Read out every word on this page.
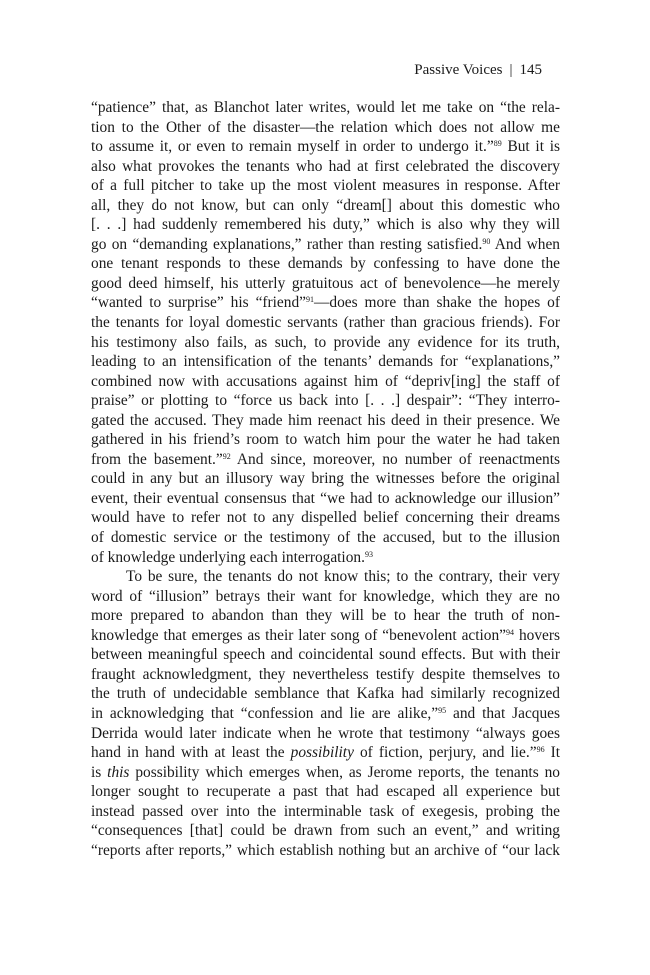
Passive Voices | 145
“patience” that, as Blanchot later writes, would let me take on “the rela-
tion to the Other of the disaster—the relation which does not allow me
to assume it, or even to remain myself in order to undergo it.”$^{89}$ But it is
also what provokes the tenants who had at first celebrated the discovery
of a full pitcher to take up the most violent measures in response. After
all, they do not know, but can only “dream[] about this domestic who
[. . .] had suddenly remembered his duty,” which is also why they will
go on “demanding explanations,” rather than resting satisfied.$^{90}$ And when
one tenant responds to these demands by confessing to have done the
good deed himself, his utterly gratuitous act of benevolence—he merely
“wanted to surprise” his “friend”$^{91}$—does more than shake the hopes of
the tenants for loyal domestic servants (rather than gracious friends). For
his testimony also fails, as such, to provide any evidence for its truth,
leading to an intensification of the tenants’ demands for “explanations,”
combined now with accusations against him of “depriv[ing] the staff of
praise” or plotting to “force us back into [. . .] despair”: “They interro-
gated the accused. They made him reenact his deed in their presence. We
gathered in his friend’s room to watch him pour the water he had taken
from the basement.”$^{92}$ And since, moreover, no number of reenactments
could in any but an illusory way bring the witnesses before the original
event, their eventual consensus that “we had to acknowledge our illusion”
would have to refer not to any dispelled belief concerning their dreams
of domestic service or the testimony of the accused, but to the illusion
of knowledge underlying each interrogation.$^{93}$
To be sure, the tenants do not know this; to the contrary, their very
word of “illusion” betrays their want for knowledge, which they are no
more prepared to abandon than they will be to hear the truth of non-
knowledge that emerges as their later song of “benevolent action”$^{94}$ hovers
between meaningful speech and coincidental sound effects. But with their
fraught acknowledgment, they nevertheless testify despite themselves to
the truth of undecidable semblance that Kafka had similarly recognized
in acknowledging that “confession and lie are alike,”$^{95}$ and that Jacques
Derrida would later indicate when he wrote that testimony “always goes
hand in hand with at least the possibility of fiction, perjury, and lie.”$^{96}$ It
is this possibility which emerges when, as Jerome reports, the tenants no
longer sought to recuperate a past that had escaped all experience but
instead passed over into the interminable task of exegesis, probing the
“consequences [that] could be drawn from such an event,” and writing
“reports after reports,” which establish nothing but an archive of “our lack
